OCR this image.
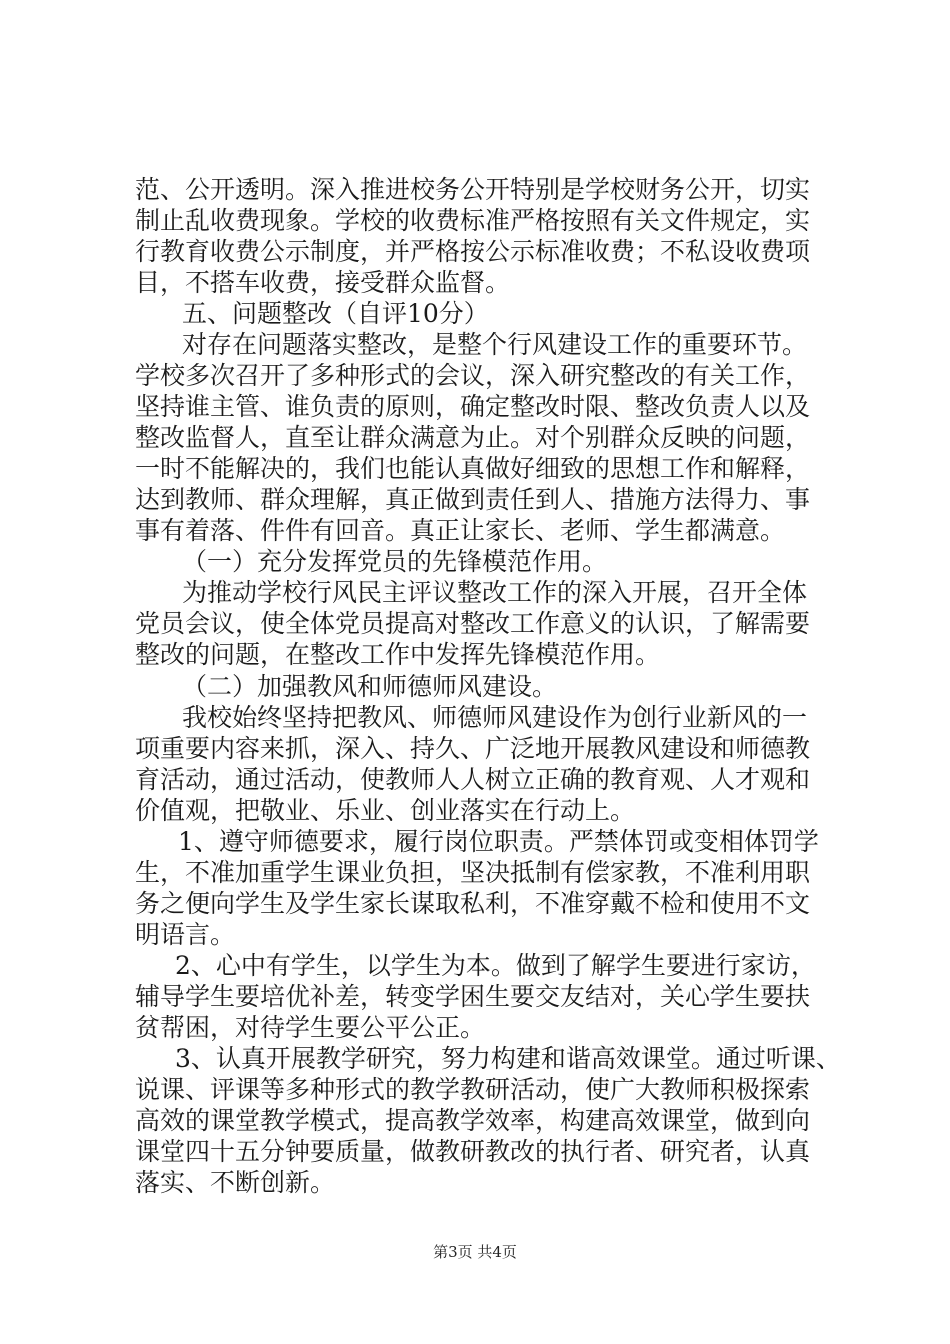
范、公开透明。深入推进校务公开特别是学校财务公开，切实
制止乱收费现象。学校的收费标准严格按照有关文件规定，实
行教育收费公示制度，并严格按公示标准收费；不私设收费项
目，不搭车收费，接受群众监督。
五、问题整改（自评10分）
对存在问题落实整改，是整个行风建设工作的重要环节。
学校多次召开了多种形式的会议，深入研究整改的有关工作，
坚持谁主管、谁负责的原则，确定整改时限、整改负责人以及
整改监督人，直至让群众满意为止。对个别群众反映的问题，
一时不能解决的，我们也能认真做好细致的思想工作和解释，
达到教师、群众理解，真正做到责任到人、措施方法得力、事
事有着落、件件有回音。真正让家长、老师、学生都满意。
（一）充分发挥党员的先锋模范作用。
为推动学校行风民主评议整改工作的深入开展，召开全体
党员会议，使全体党员提高对整改工作意义的认识，了解需要
整改的问题，在整改工作中发挥先锋模范作用。
（二）加强教风和师德师风建设。
我校始终坚持把教风、师德师风建设作为创行业新风的一
项重要内容来抓，深入、持久、广泛地开展教风建设和师德教
育活动，通过活动，使教师人人树立正确的教育观、人才观和
价值观，把敬业、乐业、创业落实在行动上。
1、遵守师德要求，履行岗位职责。严禁体罚或变相体罚学
生，不准加重学生课业负担，坚决抵制有偿家教，不准利用职
务之便向学生及学生家长谋取私利，不准穿戴不检和使用不文
明语言。
2、心中有学生，以学生为本。做到了解学生要进行家访，
辅导学生要培优补差，转变学困生要交友结对，关心学生要扶
贫帮困，对待学生要公平公正。
3、认真开展教学研究，努力构建和谐高效课堂。通过听课、
说课、评课等多种形式的教学教研活动，使广大教师积极探索
高效的课堂教学模式，提高教学效率，构建高效课堂，做到向
课堂四十五分钟要质量，做教研教改的执行者、研究者，认真
落实、不断创新。
第3页 共4页
